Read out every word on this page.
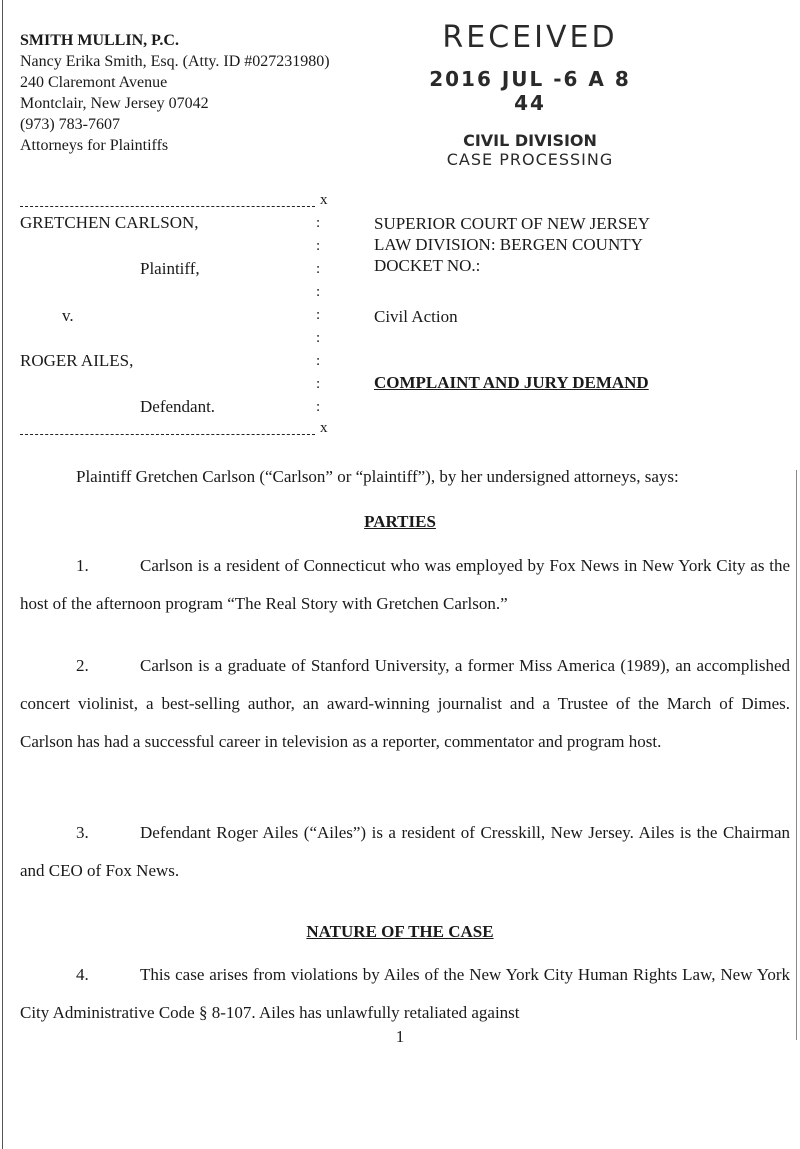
SMITH MULLIN, P.C.
Nancy Erika Smith, Esq. (Atty. ID #027231980)
240 Claremont Avenue
Montclair, New Jersey 07042
(973) 783-7607
Attorneys for Plaintiffs
RECEIVED
2016 JUL -6 A 8 44
CIVIL DIVISION
CASE PROCESSING
x
GRETCHEN CARLSON,
Plaintiff,
v.
ROGER AILES,
Defendant.
:
:
:
:
:
:
:
:
:
x
SUPERIOR COURT OF NEW JERSEY
LAW DIVISION: BERGEN COUNTY
DOCKET NO.:
Civil Action
COMPLAINT AND JURY DEMAND
Plaintiff Gretchen Carlson (“Carlson” or “plaintiff”), by her undersigned attorneys, says:
PARTIES
1.	Carlson is a resident of Connecticut who was employed by Fox News in New York City as the host of the afternoon program “The Real Story with Gretchen Carlson.”
2.	Carlson is a graduate of Stanford University, a former Miss America (1989), an accomplished concert violinist, a best-selling author, an award-winning journalist and a Trustee of the March of Dimes. Carlson has had a successful career in television as a reporter, commentator and program host.
3.	Defendant Roger Ailes (“Ailes”) is a resident of Cresskill, New Jersey. Ailes is the Chairman and CEO of Fox News.
NATURE OF THE CASE
4.	This case arises from violations by Ailes of the New York City Human Rights Law, New York City Administrative Code § 8-107. Ailes has unlawfully retaliated against
1
